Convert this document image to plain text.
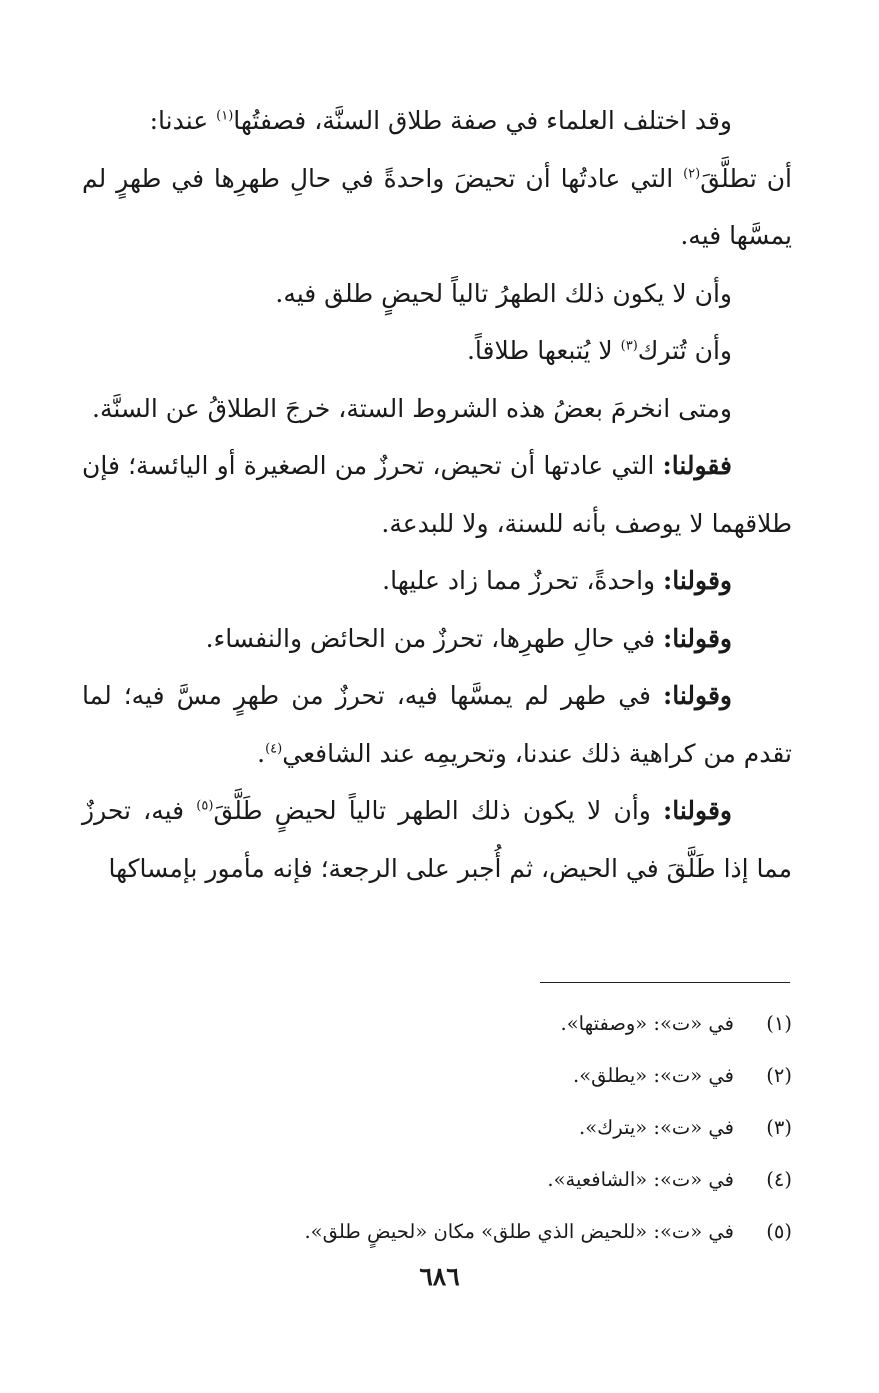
وقد اختلف العلماء في صفة طلاق السنَّة، فصفتُها$^{(١)}$ عندنا:

أن تطلَّقَ$^{(٢)}$ التي عادتُها أن تحيضَ واحدةً في حالِ طهرِها في طهرٍ لم يمسَّها فيه.

وأن لا يكون ذلك الطهرُ تالياً لحيضٍ طلق فيه.

وأن تُترك$^{(٣)}$ لا يُتبعها طلاقاً.

ومتى انخرمَ بعضُ هذه الشروط الستة، خرجَ الطلاقُ عن السنَّة.

فقولنا: التي عادتها أن تحيض، تحرزٌ من الصغيرة أو اليائسة؛ فإن طلاقهما لا يوصف بأنه للسنة، ولا للبدعة.

وقولنا: واحدةً، تحرزٌ مما زاد عليها.

وقولنا: في حالِ طهرِها، تحرزٌ من الحائض والنفساء.

وقولنا: في طهر لم يمسَّها فيه، تحرزٌ من طهرٍ مسَّ فيه؛ لما تقدم من كراهية ذلك عندنا، وتحريمِه عند الشافعي$^{(٤)}$.

وقولنا: وأن لا يكون ذلك الطهر تالياً لحيضٍ طَلَّقَ$^{(٥)}$ فيه، تحرزٌ مما إذا طَلَّقَ في الحيض، ثم أُجبر على الرجعة؛ فإنه مأمور بإمساكها

(١)
في «ت»: «وصفتها».
(٢)
في «ت»: «يطلق».
(٣)
في «ت»: «يترك».
(٤)
في «ت»: «الشافعية».
(٥)
في «ت»: «للحيض الذي طلق» مكان «لحيضٍ طلق».
٦٨٦
